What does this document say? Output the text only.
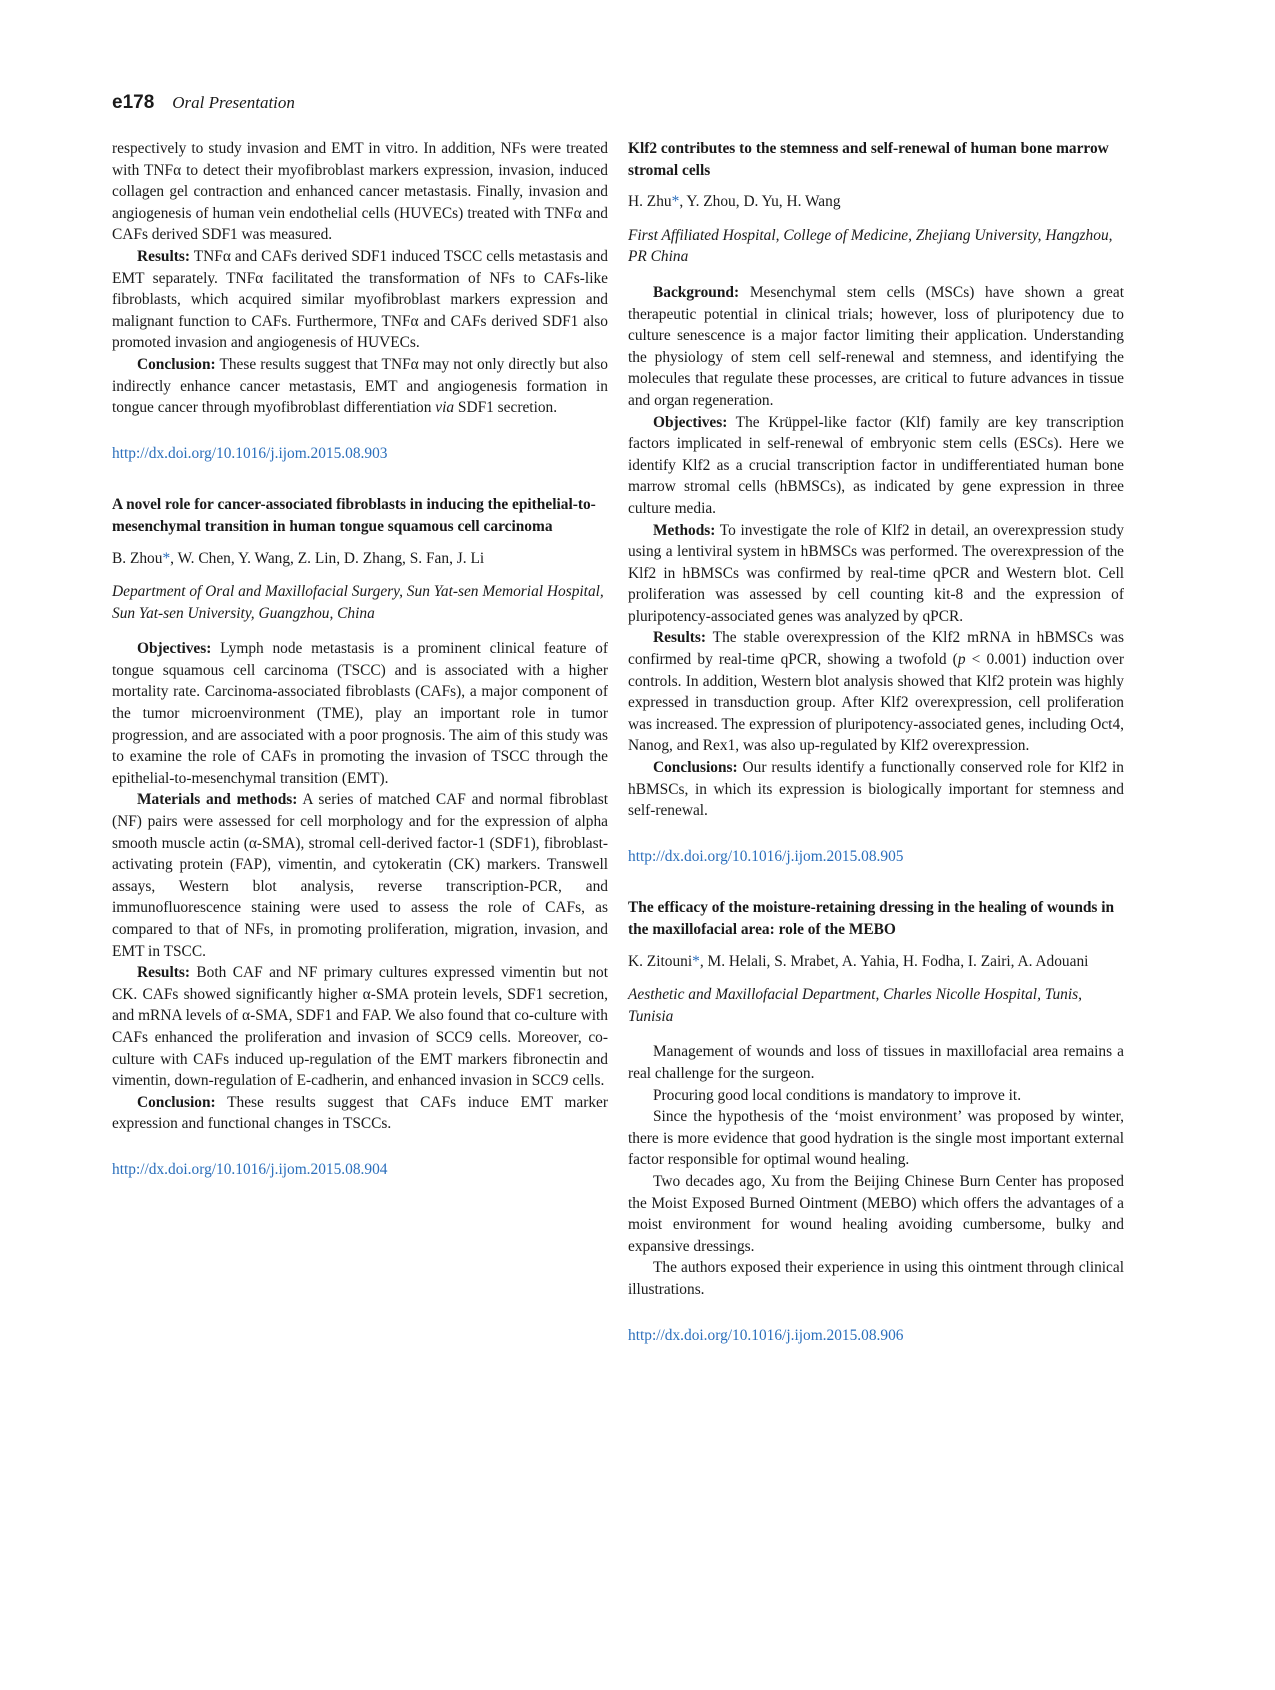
e178 Oral Presentation

respectively to study invasion and EMT in vitro. In addition, NFs were treated with TNFα to detect their myofibroblast markers expression, invasion, induced collagen gel contraction and enhanced cancer metastasis. Finally, invasion and angiogenesis of human vein endothelial cells (HUVECs) treated with TNFα and CAFs derived SDF1 was measured.

Results: TNFα and CAFs derived SDF1 induced TSCC cells metastasis and EMT separately. TNFα facilitated the transformation of NFs to CAFs-like fibroblasts, which acquired similar myofibroblast markers expression and malignant function to CAFs. Furthermore, TNFα and CAFs derived SDF1 also promoted invasion and angiogenesis of HUVECs.

Conclusion: These results suggest that TNFα may not only directly but also indirectly enhance cancer metastasis, EMT and angiogenesis formation in tongue cancer through myofibroblast differentiation via SDF1 secretion.

http://dx.doi.org/10.1016/j.ijom.2015.08.903

A novel role for cancer-associated fibroblasts in inducing the epithelial-to-mesenchymal transition in human tongue squamous cell carcinoma

B. Zhou*, W. Chen, Y. Wang, Z. Lin, D. Zhang, S. Fan, J. Li

Department of Oral and Maxillofacial Surgery, Sun Yat-sen Memorial Hospital, Sun Yat-sen University, Guangzhou, China

Objectives: Lymph node metastasis is a prominent clinical feature of tongue squamous cell carcinoma (TSCC) and is associated with a higher mortality rate. Carcinoma-associated fibroblasts (CAFs), a major component of the tumor microenvironment (TME), play an important role in tumor progression, and are associated with a poor prognosis. The aim of this study was to examine the role of CAFs in promoting the invasion of TSCC through the epithelial-to-mesenchymal transition (EMT).

Materials and methods: A series of matched CAF and normal fibroblast (NF) pairs were assessed for cell morphology and for the expression of alpha smooth muscle actin (α-SMA), stromal cell-derived factor-1 (SDF1), fibroblast-activating protein (FAP), vimentin, and cytokeratin (CK) markers. Transwell assays, Western blot analysis, reverse transcription-PCR, and immunofluorescence staining were used to assess the role of CAFs, as compared to that of NFs, in promoting proliferation, migration, invasion, and EMT in TSCC.

Results: Both CAF and NF primary cultures expressed vimentin but not CK. CAFs showed significantly higher α-SMA protein levels, SDF1 secretion, and mRNA levels of α-SMA, SDF1 and FAP. We also found that co-culture with CAFs enhanced the proliferation and invasion of SCC9 cells. Moreover, co-culture with CAFs induced up-regulation of the EMT markers fibronectin and vimentin, down-regulation of E-cadherin, and enhanced invasion in SCC9 cells.

Conclusion: These results suggest that CAFs induce EMT marker expression and functional changes in TSCCs.

http://dx.doi.org/10.1016/j.ijom.2015.08.904

Klf2 contributes to the stemness and self-renewal of human bone marrow stromal cells

H. Zhu*, Y. Zhou, D. Yu, H. Wang

First Affiliated Hospital, College of Medicine, Zhejiang University, Hangzhou, PR China

Background: Mesenchymal stem cells (MSCs) have shown a great therapeutic potential in clinical trials; however, loss of pluripotency due to culture senescence is a major factor limiting their application. Understanding the physiology of stem cell self-renewal and stemness, and identifying the molecules that regulate these processes, are critical to future advances in tissue and organ regeneration.

Objectives: The Krüppel-like factor (Klf) family are key transcription factors implicated in self-renewal of embryonic stem cells (ESCs). Here we identify Klf2 as a crucial transcription factor in undifferentiated human bone marrow stromal cells (hBMSCs), as indicated by gene expression in three culture media.

Methods: To investigate the role of Klf2 in detail, an overexpression study using a lentiviral system in hBMSCs was performed. The overexpression of the Klf2 in hBMSCs was confirmed by real-time qPCR and Western blot. Cell proliferation was assessed by cell counting kit-8 and the expression of pluripotency-associated genes was analyzed by qPCR.

Results: The stable overexpression of the Klf2 mRNA in hBMSCs was confirmed by real-time qPCR, showing a twofold (p < 0.001) induction over controls. In addition, Western blot analysis showed that Klf2 protein was highly expressed in transduction group. After Klf2 overexpression, cell proliferation was increased. The expression of pluripotency-associated genes, including Oct4, Nanog, and Rex1, was also up-regulated by Klf2 overexpression.

Conclusions: Our results identify a functionally conserved role for Klf2 in hBMSCs, in which its expression is biologically important for stemness and self-renewal.

http://dx.doi.org/10.1016/j.ijom.2015.08.905

The efficacy of the moisture-retaining dressing in the healing of wounds in the maxillofacial area: role of the MEBO

K. Zitouni*, M. Helali, S. Mrabet, A. Yahia, H. Fodha, I. Zairi, A. Adouani

Aesthetic and Maxillofacial Department, Charles Nicolle Hospital, Tunis, Tunisia

Management of wounds and loss of tissues in maxillofacial area remains a real challenge for the surgeon.

Procuring good local conditions is mandatory to improve it.

Since the hypothesis of the ‘moist environment’ was proposed by winter, there is more evidence that good hydration is the single most important external factor responsible for optimal wound healing.

Two decades ago, Xu from the Beijing Chinese Burn Center has proposed the Moist Exposed Burned Ointment (MEBO) which offers the advantages of a moist environment for wound healing avoiding cumbersome, bulky and expansive dressings.

The authors exposed their experience in using this ointment through clinical illustrations.

http://dx.doi.org/10.1016/j.ijom.2015.08.906
